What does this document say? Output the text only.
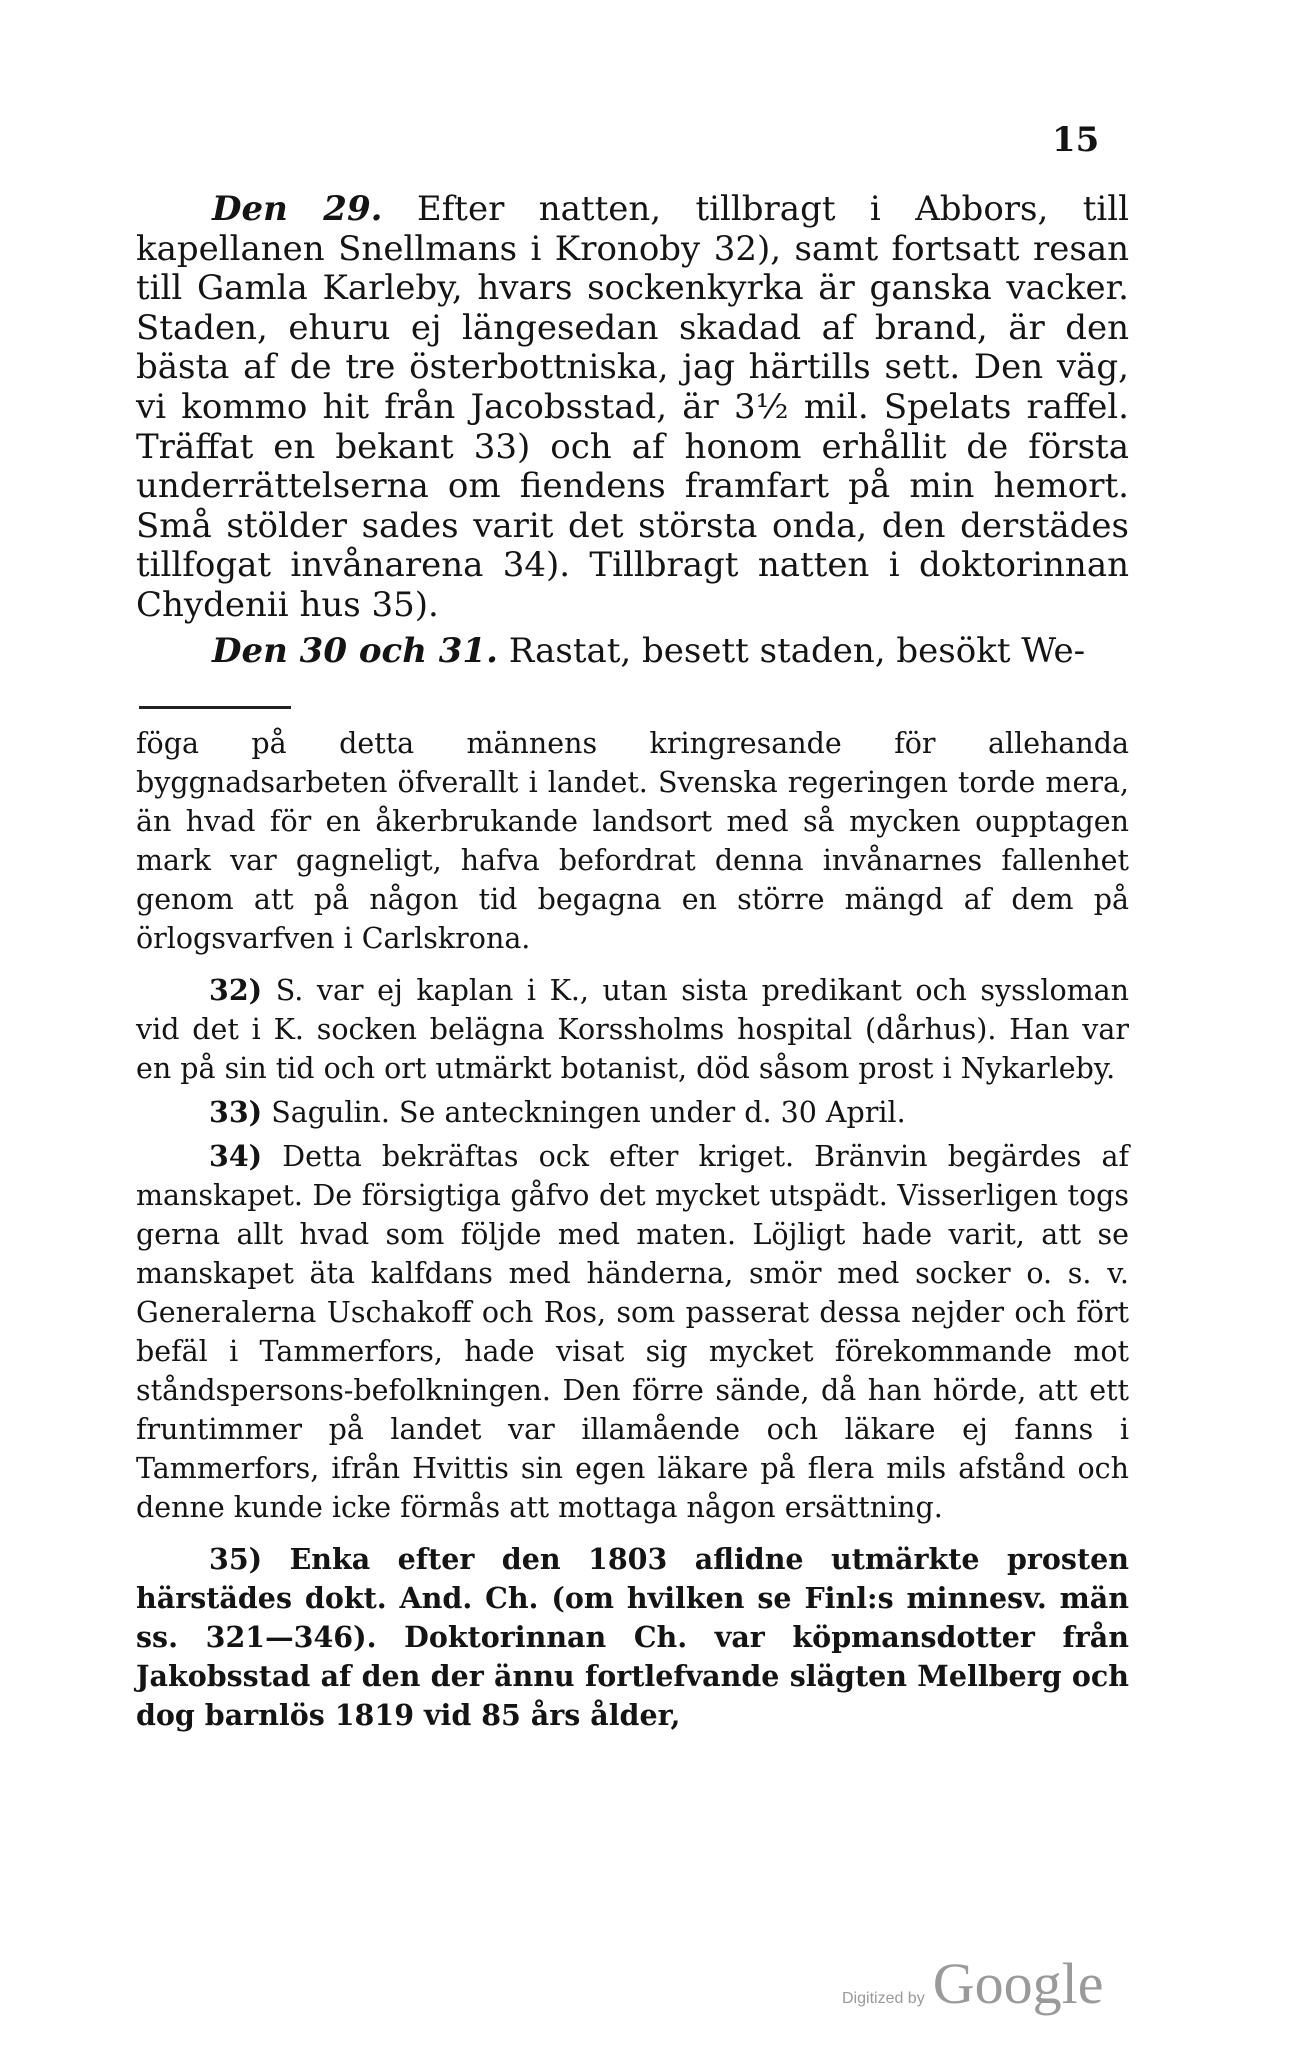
15

Den 29. Efter natten, tillbragt i Abbors, till kapellanen Snellmans i Kronoby 32), samt fortsatt resan till Gamla Karleby, hvars sockenkyrka är ganska vacker. Staden, ehuru ej längesedan skadad af brand, är den bästa af de tre österbottniska, jag härtills sett. Den väg, vi kommo hit från Jacobsstad, är 3½ mil. Spelats raffel. Träffat en bekant 33) och af honom erhållit de första underrättelserna om fiendens framfart på min hemort. Små stölder sades varit det största onda, den derstädes tillfogat invånarena 34). Tillbragt natten i doktorinnan Chydenii hus 35).

Den 30 och 31. Rastat, besett staden, besökt We-

föga på detta männens kringresande för allehanda byggnadsarbeten öfverallt i landet. Svenska regeringen torde mera, än hvad för en åkerbrukande landsort med så mycken oupptagen mark var gagneligt, hafva befordrat denna invånarnes fallenhet genom att på någon tid begagna en större mängd af dem på örlogsvarfven i Carlskrona.

32) S. var ej kaplan i K., utan sista predikant och syssloman vid det i K. socken belägna Korssholms hospital (dårhus). Han var en på sin tid och ort utmärkt botanist, död såsom prost i Nykarleby.

33) Sagulin. Se anteckningen under d. 30 April.

34) Detta bekräftas ock efter kriget. Bränvin begärdes af manskapet. De försigtiga gåfvo det mycket utspädt. Visserligen togs gerna allt hvad som följde med maten. Löjligt hade varit, att se manskapet äta kalfdans med händerna, smör med socker o. s. v. Generalerna Uschakoff och Ros, som passerat dessa nejder och fört befäl i Tammerfors, hade visat sig mycket förekommande mot ståndspersons-befolkningen. Den förre sände, då han hörde, att ett fruntimmer på landet var illamående och läkare ej fanns i Tammerfors, ifrån Hvittis sin egen läkare på flera mils afstånd och denne kunde icke förmås att mottaga någon ersättning.

35) Enka efter den 1803 aflidne utmärkte prosten härstädes dokt. And. Ch. (om hvilken se Finl:s minnesv. män ss. 321—346). Doktorinnan Ch. var köpmansdotter från Jakobsstad af den der ännu fortlefvande slägten Mellberg och dog barnlös 1819 vid 85 års ålder,

Digitized by Google
